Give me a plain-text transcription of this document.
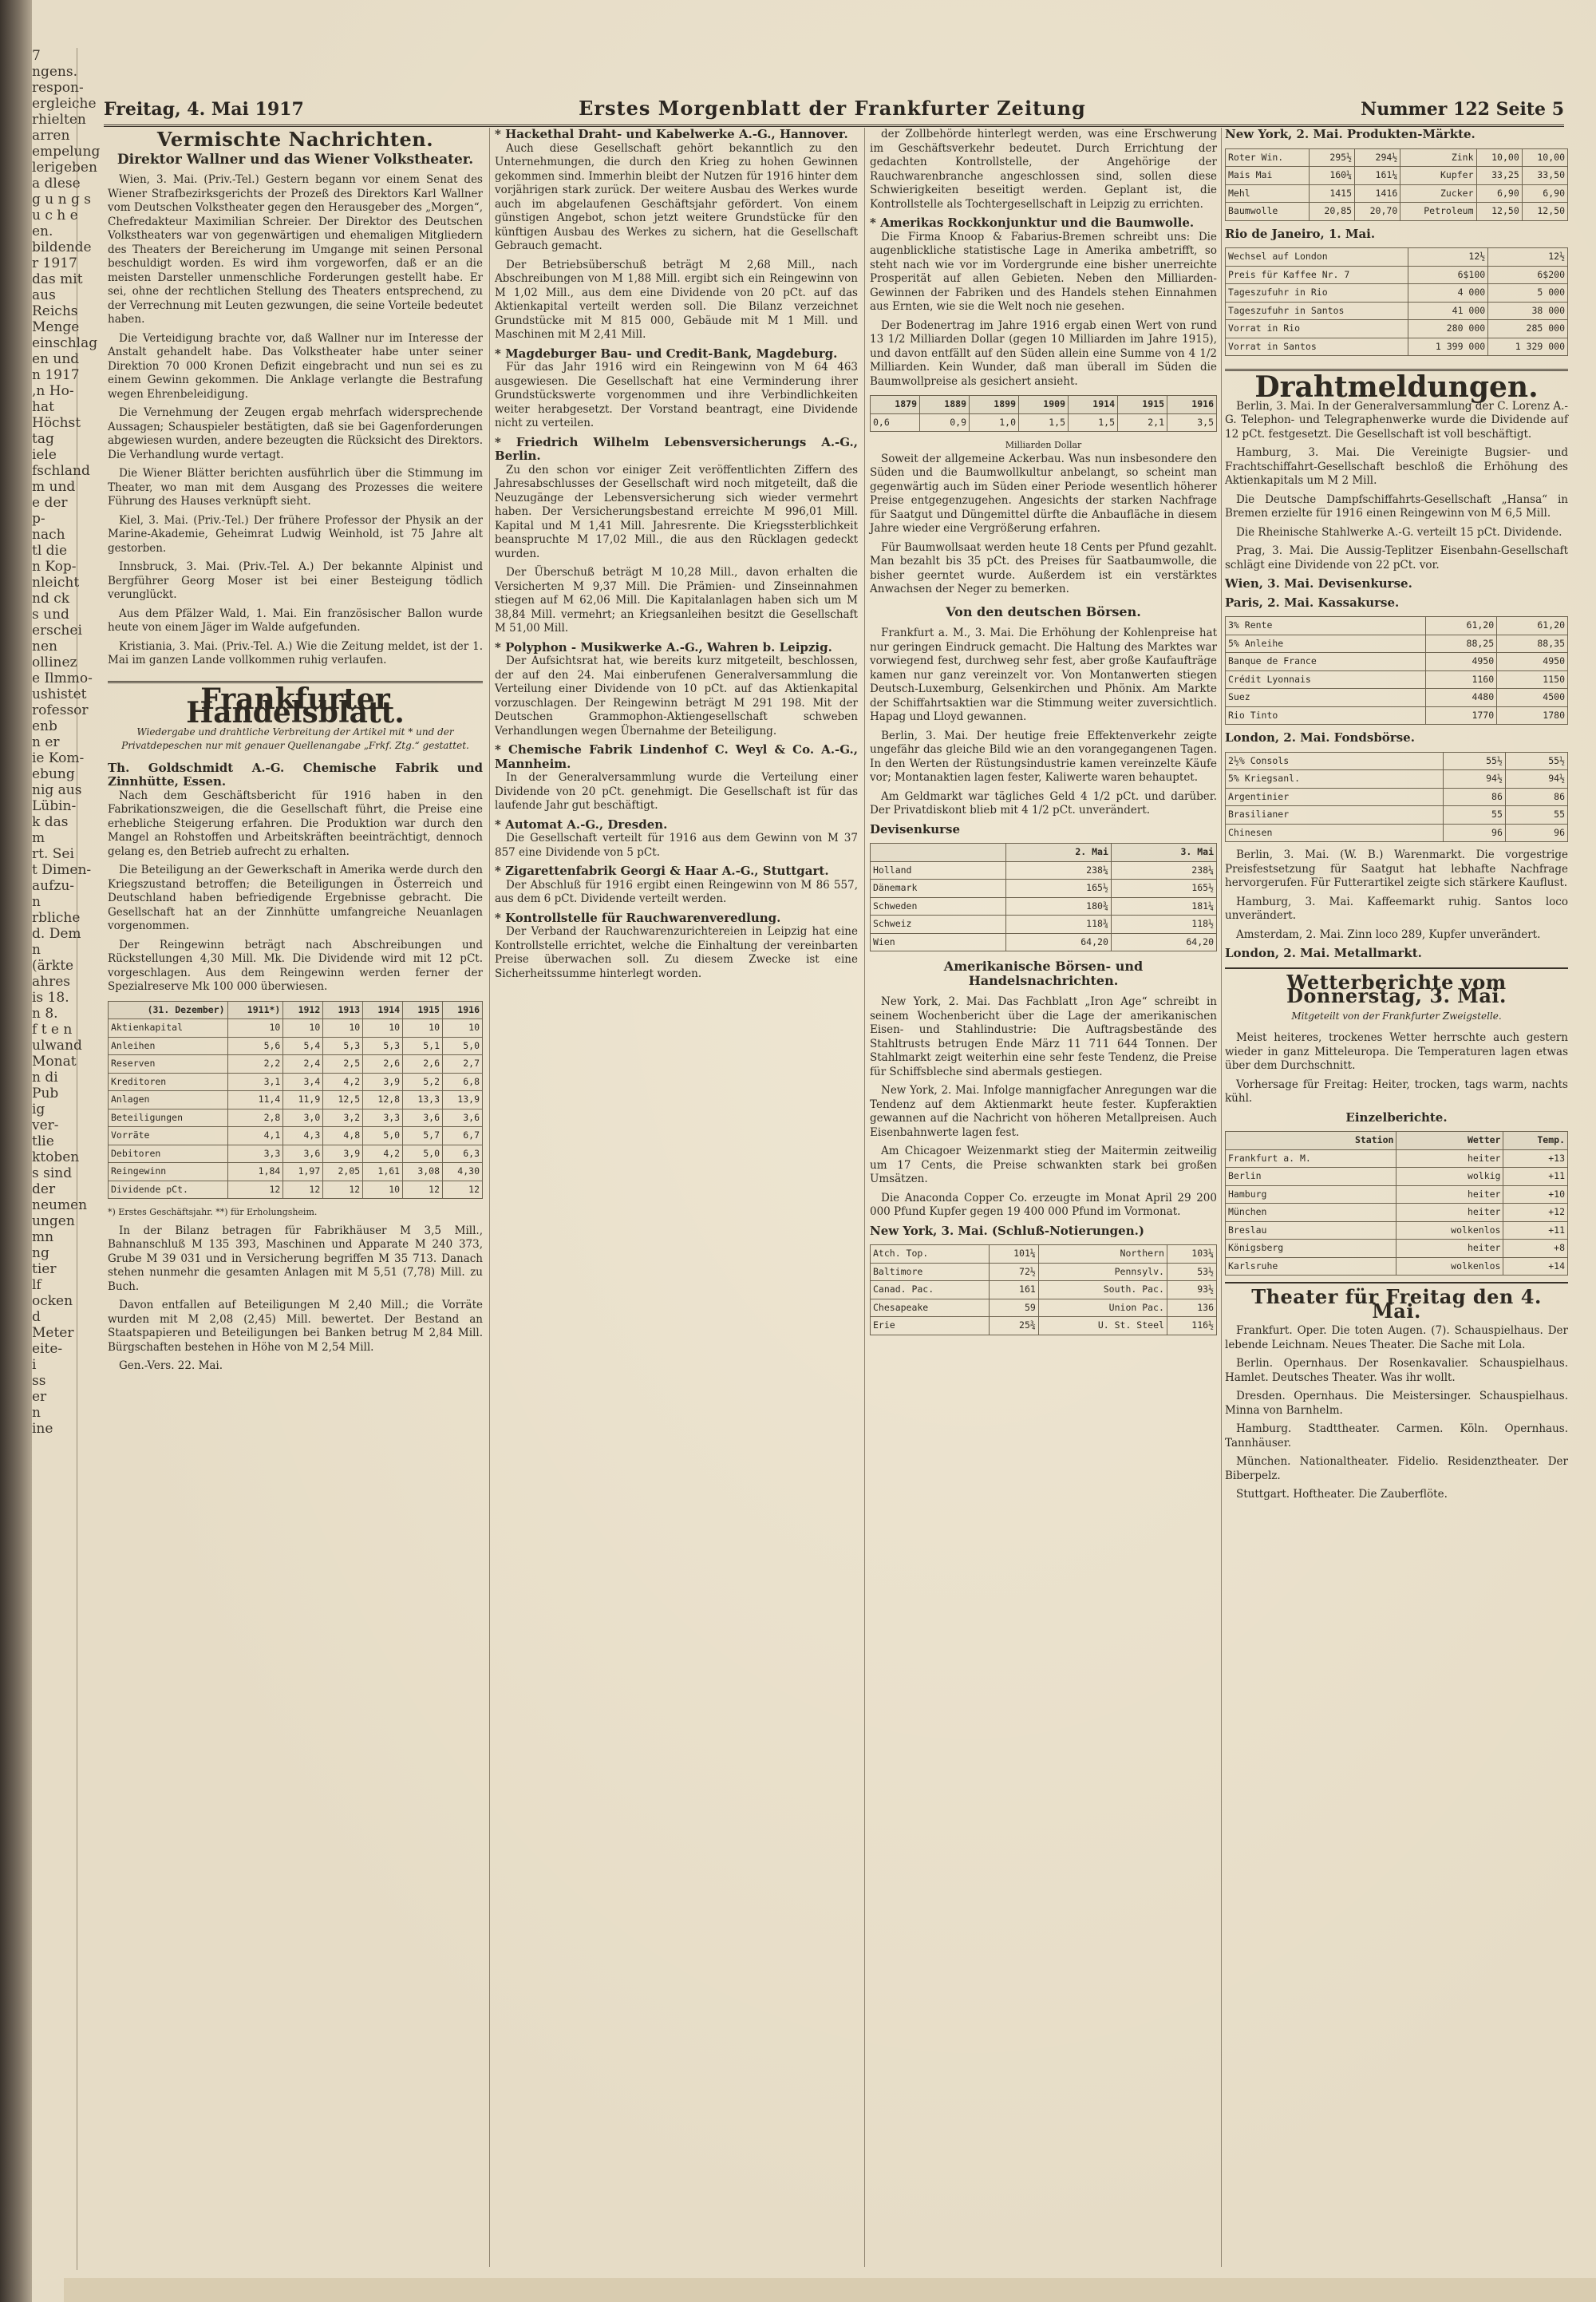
7
ngens.
respon-
ergleiche
rhielten
arren
empelung
lerigeben
a dlese
g u n g s
u c h e
en.
bildende
r 1917
das mit
aus
Reichs
Menge
einschlag
en und
n 1917
,n Ho-
hat
Höchst
tag
iele
fschland
m und
e der
p-
nach
tl die
n Kop-
nleicht
nd ck
s und
erschei
nen
ollinez
e Ilmmo-
ushistet
rofessor
enb
n er
ie Kom-
ebung
nig aus
Lübin-
k das
m
rt. Sei
t Dimen-
aufzu-
n
rbliche
d. Dem
n
(ärkte
ahres
is 18.
n 8.
f t e n
ulwand
Monat
n di
Pub
ig
ver-
tlie
ktoben
s sind
der
neumen
ungen
mn
ng
tier
lf
ocken
d
Meter
eite-
i
ss
er
n
ine
Freitag, 4. Mai 1917	Erstes Morgenblatt der Frankfurter Zeitung	Nummer 122 Seite 5
Vermischte Nachrichten.
Direktor Wallner und das Wiener Volkstheater.

Wien, 3. Mai. (Priv.-Tel.) Gestern begann vor einem Senat des Wiener Strafbezirksgerichts der Prozeß des Direktors Karl Wallner vom Deutschen Volkstheater gegen den Herausgeber des „Morgen“, Chefredakteur Maximilian Schreier. Der Direktor des Deutschen Volkstheaters war von gegenwärtigen und ehemaligen Mitgliedern des Theaters der Bereicherung im Umgange mit seinen Personal beschuldigt worden. Es wird ihm vorgeworfen, daß er an die meisten Darsteller unmenschliche Forderungen gestellt habe. Er sei, ohne der rechtlichen Stellung des Theaters entsprechend, zu der Verrechnung mit Leuten gezwungen, die seine Vorteile bedeutet haben.

Die Verteidigung brachte vor, daß Wallner nur im Interesse der Anstalt gehandelt habe. Das Volkstheater habe unter seiner Direktion 70 000 Kronen Defizit eingebracht und nun sei es zu einem Gewinn gekommen. Die Anklage verlangte die Bestrafung wegen Ehrenbeleidigung.

Die Vernehmung der Zeugen ergab mehrfach widersprechende Aussagen; Schauspieler bestätigten, daß sie bei Gagenforderungen abgewiesen wurden, andere bezeugten die Rücksicht des Direktors. Die Verhandlung wurde vertagt.

Die Wiener Blätter berichten ausführlich über die Stimmung im Theater, wo man mit dem Ausgang des Prozesses die weitere Führung des Hauses verknüpft sieht.

Kiel, 3. Mai. (Priv.-Tel.) Der frühere Professor der Physik an der Marine-Akademie, Geheimrat Ludwig Weinhold, ist 75 Jahre alt gestorben.

Innsbruck, 3. Mai. (Priv.-Tel. A.) Der bekannte Alpinist und Bergführer Georg Moser ist bei einer Besteigung tödlich verunglückt.

Aus dem Pfälzer Wald, 1. Mai. Ein französischer Ballon wurde heute von einem Jäger im Walde aufgefunden.

Kristiania, 3. Mai. (Priv.-Tel. A.) Wie die Zeitung meldet, ist der 1. Mai im ganzen Lande vollkommen ruhig verlaufen.

Frankfurter Handelsblatt.
Wiedergabe und drahtliche Verbreitung der Artikel mit * und der Privatdepeschen nur mit genauer Quellenangabe „Frkf. Ztg.“ gestattet.
Th. Goldschmidt A.-G. Chemische Fabrik und Zinnhütte, Essen.

Nach dem Geschäftsbericht für 1916 haben in den Fabrikationszweigen, die die Gesellschaft führt, die Preise eine erhebliche Steigerung erfahren. Die Produktion war durch den Mangel an Rohstoffen und Arbeitskräften beeinträchtigt, dennoch gelang es, den Betrieb aufrecht zu erhalten.

Die Beteiligung an der Gewerkschaft in Amerika werde durch den Kriegszustand betroffen; die Beteiligungen in Österreich und Deutschland haben befriedigende Ergebnisse gebracht. Die Gesellschaft hat an der Zinnhütte umfangreiche Neuanlagen vorgenommen.

Der Reingewinn beträgt nach Abschreibungen und Rückstellungen 4,30 Mill. Mk. Die Dividende wird mit 12 pCt. vorgeschlagen. Aus dem Reingewinn werden ferner der Spezialreserve Mk 100 000 überwiesen.

(31. Dezember)	1911*)	1912	1913	1914	1915	1916
Aktienkapital	10	10	10	10	10	10
Anleihen	5,6	5,4	5,3	5,3	5,1	5,0
Reserven	2,2	2,4	2,5	2,6	2,6	2,7
Kreditoren	3,1	3,4	4,2	3,9	5,2	6,8
Anlagen	11,4	11,9	12,5	12,8	13,3	13,9
Beteiligungen	2,8	3,0	3,2	3,3	3,6	3,6
Vorräte	4,1	4,3	4,8	5,0	5,7	6,7
Debitoren	3,3	3,6	3,9	4,2	5,0	6,3
Reingewinn	1,84	1,97	2,05	1,61	3,08	4,30
Dividende pCt.	12	12	12	10	12	12
*) Erstes Geschäftsjahr. **) für Erholungsheim.

In der Bilanz betragen für Fabrikhäuser M 3,5 Mill., Bahnanschluß M 135 393, Maschinen und Apparate M 240 373, Grube M 39 031 und in Versicherung begriffen M 35 713. Danach stehen nunmehr die gesamten Anlagen mit M 5,51 (7,78) Mill. zu Buch.

Davon entfallen auf Beteiligungen M 2,40 Mill.; die Vorräte wurden mit M 2,08 (2,45) Mill. bewertet. Der Bestand an Staatspapieren und Beteiligungen bei Banken betrug M 2,84 Mill. Bürgschaften bestehen in Höhe von M 2,54 Mill.

Gen.-Vers. 22. Mai.

* Hackethal Draht- und Kabelwerke A.-G., Hannover.

Auch diese Gesellschaft gehört bekanntlich zu den Unternehmungen, die durch den Krieg zu hohen Gewinnen gekommen sind. Immerhin bleibt der Nutzen für 1916 hinter dem vorjährigen stark zurück. Der weitere Ausbau des Werkes wurde auch im abgelaufenen Geschäftsjahr gefördert. Von einem günstigen Angebot, schon jetzt weitere Grundstücke für den künftigen Ausbau des Werkes zu sichern, hat die Gesellschaft Gebrauch gemacht.

Der Betriebsüberschuß beträgt M 2,68 Mill., nach Abschreibungen von M 1,88 Mill. ergibt sich ein Reingewinn von M 1,02 Mill., aus dem eine Dividende von 20 pCt. auf das Aktienkapital verteilt werden soll. Die Bilanz verzeichnet Grundstücke mit M 815 000, Gebäude mit M 1 Mill. und Maschinen mit M 2,41 Mill.

* Magdeburger Bau- und Credit-Bank, Magdeburg.

Für das Jahr 1916 wird ein Reingewinn von M 64 463 ausgewiesen. Die Gesellschaft hat eine Verminderung ihrer Grundstückswerte vorgenommen und ihre Verbindlichkeiten weiter herabgesetzt. Der Vorstand beantragt, eine Dividende nicht zu verteilen.

* Friedrich Wilhelm Lebensversicherungs A.-G., Berlin.

Zu den schon vor einiger Zeit veröffentlichten Ziffern des Jahresabschlusses der Gesellschaft wird noch mitgeteilt, daß die Neuzugänge der Lebensversicherung sich wieder vermehrt haben. Der Versicherungsbestand erreichte M 996,01 Mill. Kapital und M 1,41 Mill. Jahresrente. Die Kriegssterblichkeit beanspruchte M 17,02 Mill., die aus den Rücklagen gedeckt wurden.

Der Überschuß beträgt M 10,28 Mill., davon erhalten die Versicherten M 9,37 Mill. Die Prämien- und Zinseinnahmen stiegen auf M 62,06 Mill. Die Kapitalanlagen haben sich um M 38,84 Mill. vermehrt; an Kriegsanleihen besitzt die Gesellschaft M 51,00 Mill.

* Polyphon - Musikwerke A.-G., Wahren b. Leipzig.

Der Aufsichtsrat hat, wie bereits kurz mitgeteilt, beschlossen, der auf den 24. Mai einberufenen Generalversammlung die Verteilung einer Dividende von 10 pCt. auf das Aktienkapital vorzuschlagen. Der Reingewinn beträgt M 291 198. Mit der Deutschen Grammophon-Aktiengesellschaft schweben Verhandlungen wegen Übernahme der Beteiligung.

* Chemische Fabrik Lindenhof C. Weyl & Co. A.-G., Mannheim.

In der Generalversammlung wurde die Verteilung einer Dividende von 20 pCt. genehmigt. Die Gesellschaft ist für das laufende Jahr gut beschäftigt.

* Automat A.-G., Dresden.

Die Gesellschaft verteilt für 1916 aus dem Gewinn von M 37 857 eine Dividende von 5 pCt.

* Zigarettenfabrik Georgi & Haar A.-G., Stuttgart.

Der Abschluß für 1916 ergibt einen Reingewinn von M 86 557, aus dem 6 pCt. Dividende verteilt werden.

* Kontrollstelle für Rauchwarenveredlung.

Der Verband der Rauchwarenzurichtereien in Leipzig hat eine Kontrollstelle errichtet, welche die Einhaltung der vereinbarten Preise überwachen soll. Zu diesem Zwecke ist eine Sicherheitssumme hinterlegt worden.

der Zollbehörde hinterlegt werden, was eine Erschwerung im Geschäftsverkehr bedeutet. Durch Errichtung der gedachten Kontrollstelle, der Angehörige der Rauchwarenbranche angeschlossen sind, sollen diese Schwierigkeiten beseitigt werden. Geplant ist, die Kontrollstelle als Tochtergesellschaft in Leipzig zu errichten.

* Amerikas Rockkonjunktur und die Baumwolle.

Die Firma Knoop & Fabarius-Bremen schreibt uns: Die augenblickliche statistische Lage in Amerika ambetrifft, so steht nach wie vor im Vordergrunde eine bisher unerreichte Prosperität auf allen Gebieten. Neben den Milliarden-Gewinnen der Fabriken und des Handels stehen Einnahmen aus Ernten, wie sie die Welt noch nie gesehen.

Der Bodenertrag im Jahre 1916 ergab einen Wert von rund 13 1/2 Milliarden Dollar (gegen 10 Milliarden im Jahre 1915), und davon entfällt auf den Süden allein eine Summe von 4 1/2 Milliarden. Kein Wunder, daß man überall im Süden die Baumwollpreise als gesichert ansieht.

1879	1889	1899	1909	1914	1915	1916
0,6	0,9	1,0	1,5	1,5	2,1	3,5
Milliarden Dollar

Soweit der allgemeine Ackerbau. Was nun insbesondere den Süden und die Baumwollkultur anbelangt, so scheint man gegenwärtig auch im Süden einer Periode wesentlich höherer Preise entgegenzugehen. Angesichts der starken Nachfrage für Saatgut und Düngemittel dürfte die Anbaufläche in diesem Jahre wieder eine Vergrößerung erfahren.

Für Baumwollsaat werden heute 18 Cents per Pfund gezahlt. Man bezahlt bis 35 pCt. des Preises für Saatbaumwolle, die bisher geerntet wurde. Außerdem ist ein verstärktes Anwachsen der Neger zu bemerken.

Von den deutschen Börsen.

Frankfurt a. M., 3. Mai. Die Erhöhung der Kohlenpreise hat nur geringen Eindruck gemacht. Die Haltung des Marktes war vorwiegend fest, durchweg sehr fest, aber große Kaufaufträge kamen nur ganz vereinzelt vor. Von Montanwerten stiegen Deutsch-Luxemburg, Gelsenkirchen und Phönix. Am Markte der Schiffahrtsaktien war die Stimmung weiter zuversichtlich. Hapag und Lloyd gewannen.

Berlin, 3. Mai. Der heutige freie Effektenverkehr zeigte ungefähr das gleiche Bild wie an den vorangegangenen Tagen. In den Werten der Rüstungsindustrie kamen vereinzelte Käufe vor; Montanaktien lagen fester, Kaliwerte waren behauptet.

Am Geldmarkt war tägliches Geld 4 1/2 pCt. und darüber. Der Privatdiskont blieb mit 4 1/2 pCt. unverändert.

Devisenkurse
	2. Mai	3. Mai
Holland	238¼	238¼
Dänemark	165½	165½
Schweden	180¾	181¼
Schweiz	118¾	118½
Wien	64,20	64,20
Amerikanische Börsen- und Handelsnachrichten.

New York, 2. Mai. Das Fachblatt „Iron Age“ schreibt in seinem Wochenbericht über die Lage der amerikanischen Eisen- und Stahlindustrie: Die Auftragsbestände des Stahltrusts betrugen Ende März 11 711 644 Tonnen. Der Stahlmarkt zeigt weiterhin eine sehr feste Tendenz, die Preise für Schiffsbleche sind abermals gestiegen.

New York, 2. Mai. Infolge mannigfacher Anregungen war die Tendenz auf dem Aktienmarkt heute fester. Kupferaktien gewannen auf die Nachricht von höheren Metallpreisen. Auch Eisenbahnwerte lagen fest.

Am Chicagoer Weizenmarkt stieg der Maitermin zeitweilig um 17 Cents, die Preise schwankten stark bei großen Umsätzen.

Die Anaconda Copper Co. erzeugte im Monat April 29 200 000 Pfund Kupfer gegen 19 400 000 Pfund im Vormonat.

New York, 3. Mai. (Schluß-Notierungen.)
Atch. Top.	101¼	Northern	103¼
Baltimore	72½	Pennsylv.	53½
Canad. Pac.	161	South. Pac.	93½
Chesapeake	59	Union Pac.	136
Erie	25¾	U. St. Steel	116½
New York, 2. Mai. Produkten-Märkte.
Roter Win.	295½	294½	Zink	10,00	10,00
Mais Mai	160¼	161¼	Kupfer	33,25	33,50
Mehl	1415	1416	Zucker	6,90	6,90
Baumwolle	20,85	20,70	Petroleum	12,50	12,50
Rio de Janeiro, 1. Mai.
Wechsel auf London	12½	12½
Preis für Kaffee Nr. 7	6$100	6$200
Tageszufuhr in Rio	4 000	5 000
Tageszufuhr in Santos	41 000	38 000
Vorrat in Rio	280 000	285 000
Vorrat in Santos	1 399 000	1 329 000
Drahtmeldungen.

Berlin, 3. Mai. In der Generalversammlung der C. Lorenz A.-G. Telephon- und Telegraphenwerke wurde die Dividende auf 12 pCt. festgesetzt. Die Gesellschaft ist voll beschäftigt.

Hamburg, 3. Mai. Die Vereinigte Bugsier- und Frachtschiffahrt-Gesellschaft beschloß die Erhöhung des Aktienkapitals um M 2 Mill.

Die Deutsche Dampfschiffahrts-Gesellschaft „Hansa“ in Bremen erzielte für 1916 einen Reingewinn von M 6,5 Mill.

Die Rheinische Stahlwerke A.-G. verteilt 15 pCt. Dividende.

Prag, 3. Mai. Die Aussig-Teplitzer Eisenbahn-Gesellschaft schlägt eine Dividende von 22 pCt. vor.

Wien, 3. Mai. Devisenkurse.
Paris, 2. Mai. Kassakurse.
3% Rente	61,20	61,20
5% Anleihe	88,25	88,35
Banque de France	4950	4950
Crédit Lyonnais	1160	1150
Suez	4480	4500
Rio Tinto	1770	1780
London, 2. Mai. Fondsbörse.
2½% Consols	55½	55½
5% Kriegsanl.	94½	94½
Argentinier	86	86
Brasilianer	55	55
Chinesen	96	96

Berlin, 3. Mai. (W. B.) Warenmarkt. Die vorgestrige Preisfestsetzung für Saatgut hat lebhafte Nachfrage hervorgerufen. Für Futterartikel zeigte sich stärkere Kauflust.

Hamburg, 3. Mai. Kaffeemarkt ruhig. Santos loco unverändert.

Amsterdam, 2. Mai. Zinn loco 289, Kupfer unverändert.

London, 2. Mai. Metallmarkt.
Wetterberichte vom Donnerstag, 3. Mai.
Mitgeteilt von der Frankfurter Zweigstelle.

Meist heiteres, trockenes Wetter herrschte auch gestern wieder in ganz Mitteleuropa. Die Temperaturen lagen etwas über dem Durchschnitt.

Vorhersage für Freitag: Heiter, trocken, tags warm, nachts kühl.

Einzelberichte.
Station	Wetter	Temp.
Frankfurt a. M.	heiter	+13
Berlin	wolkig	+11
Hamburg	heiter	+10
München	heiter	+12
Breslau	wolkenlos	+11
Königsberg	heiter	+8
Karlsruhe	wolkenlos	+14
Theater für Freitag den 4. Mai.

Frankfurt. Oper. Die toten Augen. (7). Schauspielhaus. Der lebende Leichnam. Neues Theater. Die Sache mit Lola.

Berlin. Opernhaus. Der Rosenkavalier. Schauspielhaus. Hamlet. Deutsches Theater. Was ihr wollt.

Dresden. Opernhaus. Die Meistersinger. Schauspielhaus. Minna von Barnhelm.

Hamburg. Stadttheater. Carmen. Köln. Opernhaus. Tannhäuser.

München. Nationaltheater. Fidelio. Residenztheater. Der Biberpelz.

Stuttgart. Hoftheater. Die Zauberflöte.
